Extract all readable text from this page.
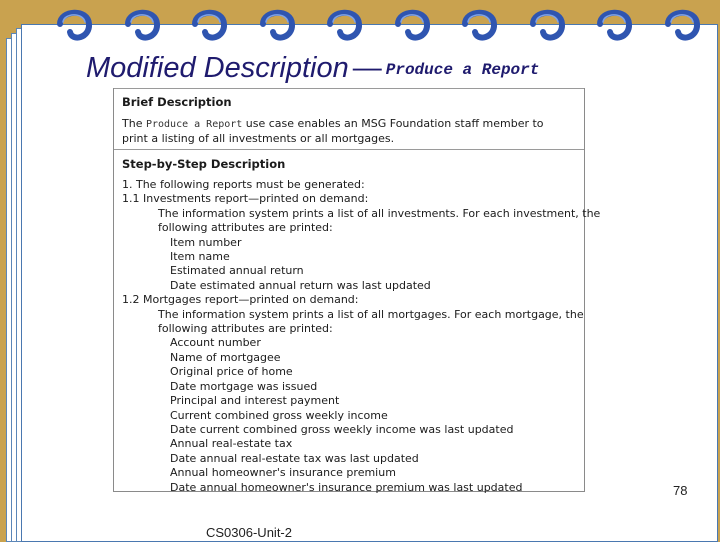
Modified Description — Produce a Report
Brief Description
The Produce a Report use case enables an MSG Foundation staff member to print a listing of all investments or all mortgages.
Step-by-Step Description
1. The following reports must be generated:
1.1 Investments report—printed on demand:
The information system prints a list of all investments. For each investment, the
following attributes are printed:
Item number
Item name
Estimated annual return
Date estimated annual return was last updated
1.2 Mortgages report—printed on demand:
The information system prints a list of all mortgages. For each mortgage, the
following attributes are printed:
Account number
Name of mortgagee
Original price of home
Date mortgage was issued
Principal and interest payment
Current combined gross weekly income
Date current combined gross weekly income was last updated
Annual real-estate tax
Date annual real-estate tax was last updated
Annual homeowner's insurance premium
Date annual homeowner's insurance premium was last updated	78
CS0306-Unit-2
